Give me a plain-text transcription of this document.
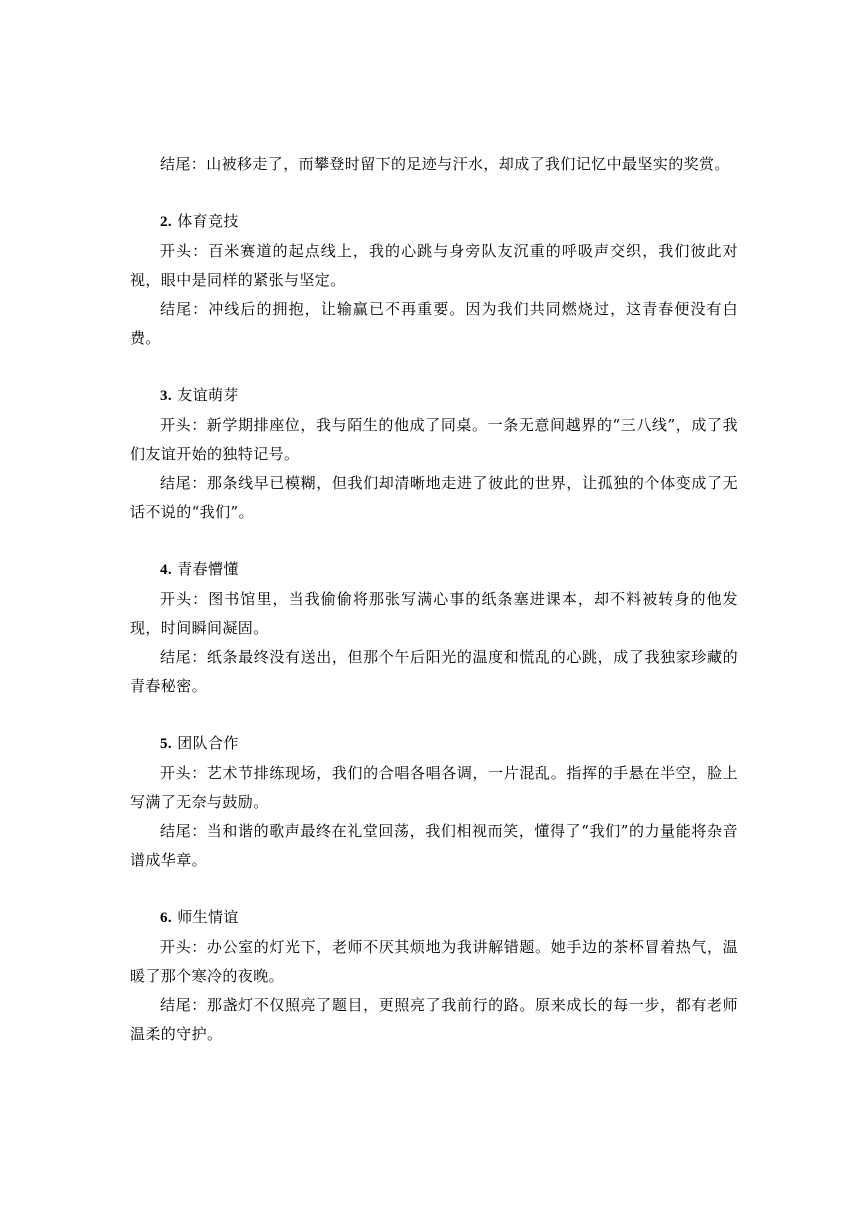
结尾：山被移走了，而攀登时留下的足迹与汗水，却成了我们记忆中最坚实的奖赏。

2. 体育竞技

开头：百米赛道的起点线上，我的心跳与身旁队友沉重的呼吸声交织，我们彼此对视，眼中是同样的紧张与坚定。

结尾：冲线后的拥抱，让输赢已不再重要。因为我们共同燃烧过，这青春便没有白费。

3. 友谊萌芽

开头：新学期排座位，我与陌生的他成了同桌。一条无意间越界的“三八线”，成了我们友谊开始的独特记号。

结尾：那条线早已模糊，但我们却清晰地走进了彼此的世界，让孤独的个体变成了无话不说的“我们”。

4. 青春懵懂

开头：图书馆里，当我偷偷将那张写满心事的纸条塞进课本，却不料被转身的他发现，时间瞬间凝固。

结尾：纸条最终没有送出，但那个午后阳光的温度和慌乱的心跳，成了我独家珍藏的青春秘密。

5. 团队合作

开头：艺术节排练现场，我们的合唱各唱各调，一片混乱。指挥的手悬在半空，脸上写满了无奈与鼓励。

结尾：当和谐的歌声最终在礼堂回荡，我们相视而笑，懂得了“我们”的力量能将杂音谱成华章。

6. 师生情谊

开头：办公室的灯光下，老师不厌其烦地为我讲解错题。她手边的茶杯冒着热气，温暖了那个寒冷的夜晚。

结尾：那盏灯不仅照亮了题目，更照亮了我前行的路。原来成长的每一步，都有老师温柔的守护。
